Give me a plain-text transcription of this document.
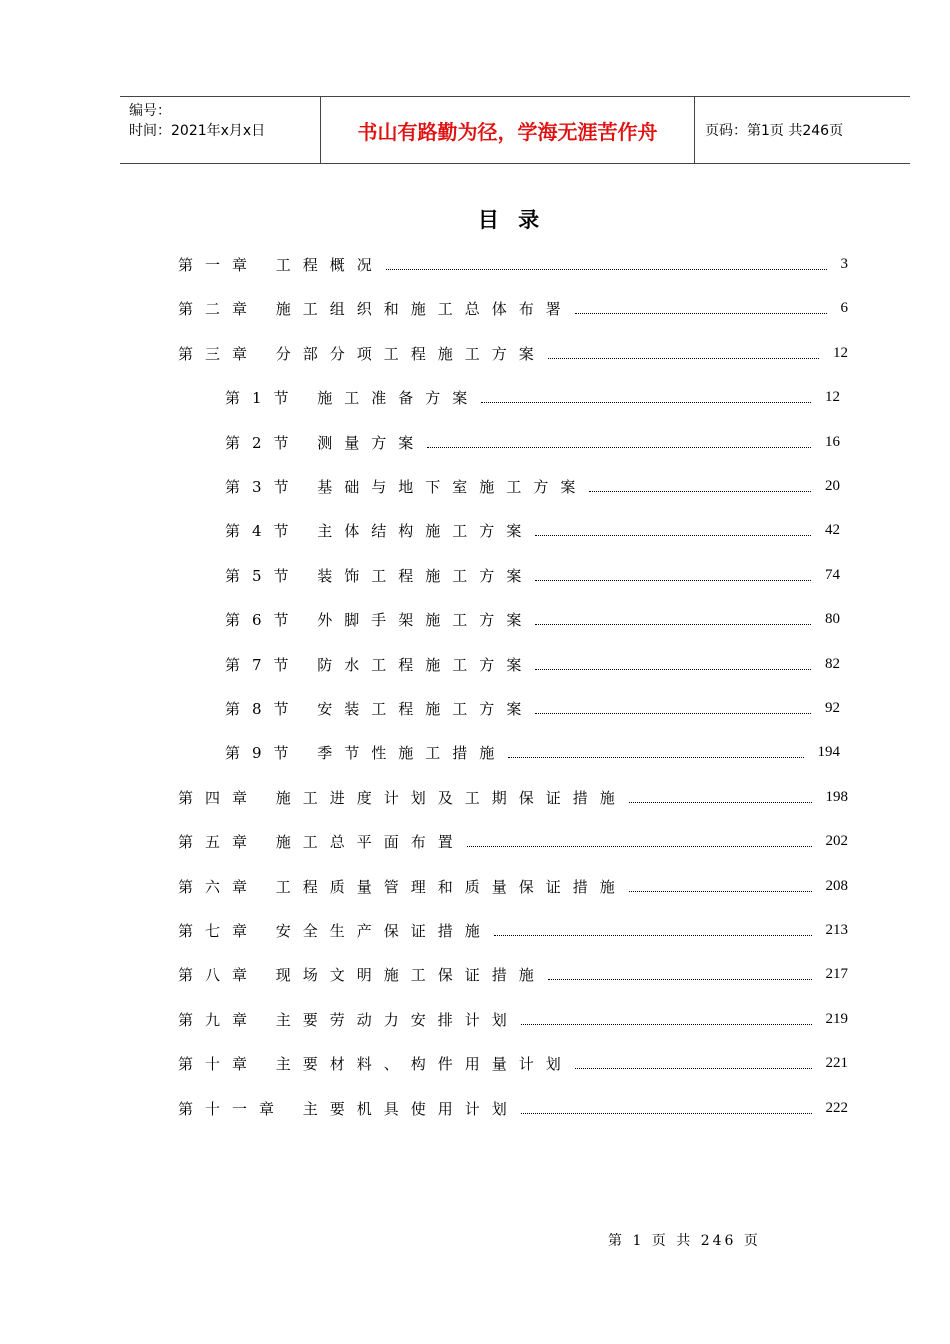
编号：
时间：2021年x月x日	书山有路勤为径，学海无涯苦作舟	页码：第1页 共246页
目 录
第一章 工程概况	3
第二章 施工组织和施工总体布署	6
第三章 分部分项工程施工方案	12
第1节 施工准备方案	12
第2节 测量方案	16
第3节 基础与地下室施工方案	20
第4节 主体结构施工方案	42
第5节 装饰工程施工方案	74
第6节 外脚手架施工方案	80
第7节 防水工程施工方案	82
第8节 安装工程施工方案	92
第9节 季节性施工措施	194
第四章 施工进度计划及工期保证措施	198
第五章 施工总平面布置	202
第六章 工程质量管理和质量保证措施	208
第七章 安全生产保证措施	213
第八章 现场文明施工保证措施	217
第九章 主要劳动力安排计划	219
第十章 主要材料、构件用量计划	221
第十一章 主要机具使用计划	222
第 1 页 共 246 页
